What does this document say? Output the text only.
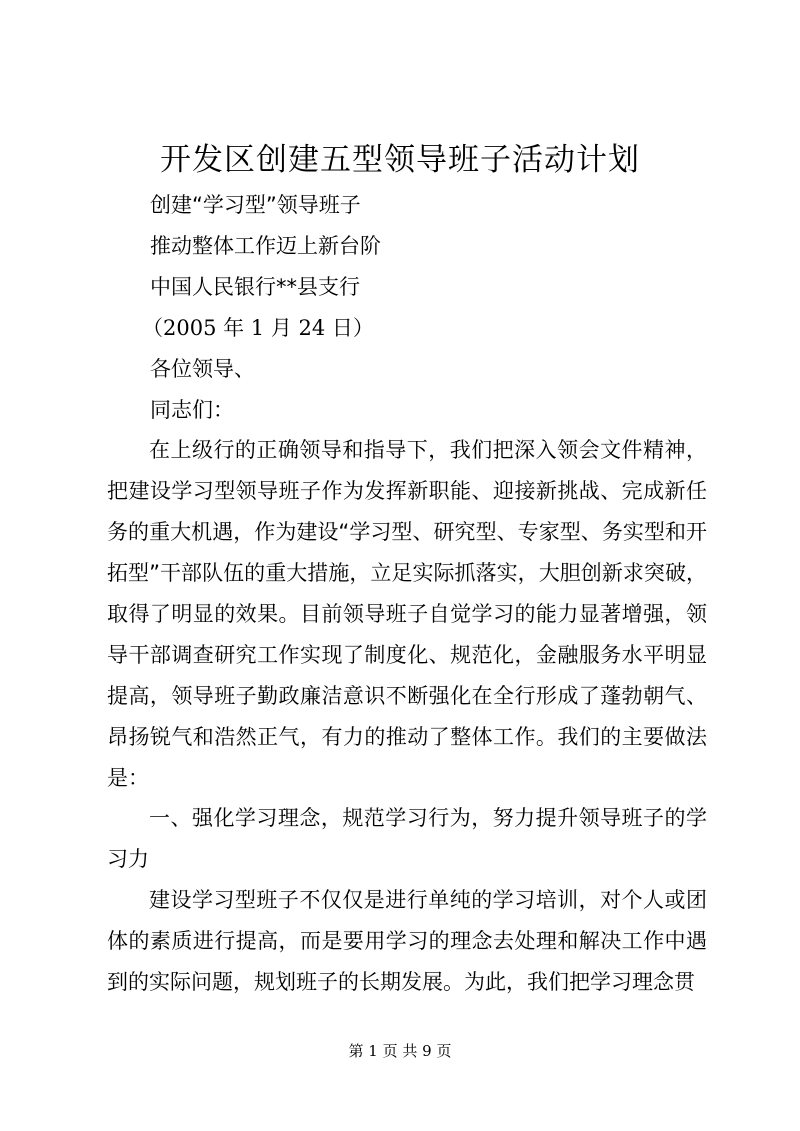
开发区创建五型领导班子活动计划
创建“学习型”领导班子
推动整体工作迈上新台阶
中国人民银行**县支行
（2005 年 1 月 24 日）
各位领导、
同志们：
在上级行的正确领导和指导下，我们把深入领会文件精神，把建设学习型领导班子作为发挥新职能、迎接新挑战、完成新任务的重大机遇，作为建设“学习型、研究型、专家型、务实型和开拓型”干部队伍的重大措施，立足实际抓落实，大胆创新求突破，取得了明显的效果。目前领导班子自觉学习的能力显著增强，领导干部调查研究工作实现了制度化、规范化，金融服务水平明显提高，领导班子勤政廉洁意识不断强化在全行形成了蓬勃朝气、昂扬锐气和浩然正气，有力的推动了整体工作。我们的主要做法是：
一、强化学习理念，规范学习行为，努力提升领导班子的学习力
建设学习型班子不仅仅是进行单纯的学习培训，对个人或团体的素质进行提高，而是要用学习的理念去处理和解决工作中遇到的实际问题，规划班子的长期发展。为此，我们把学习理念贯
第 1 页 共 9 页
